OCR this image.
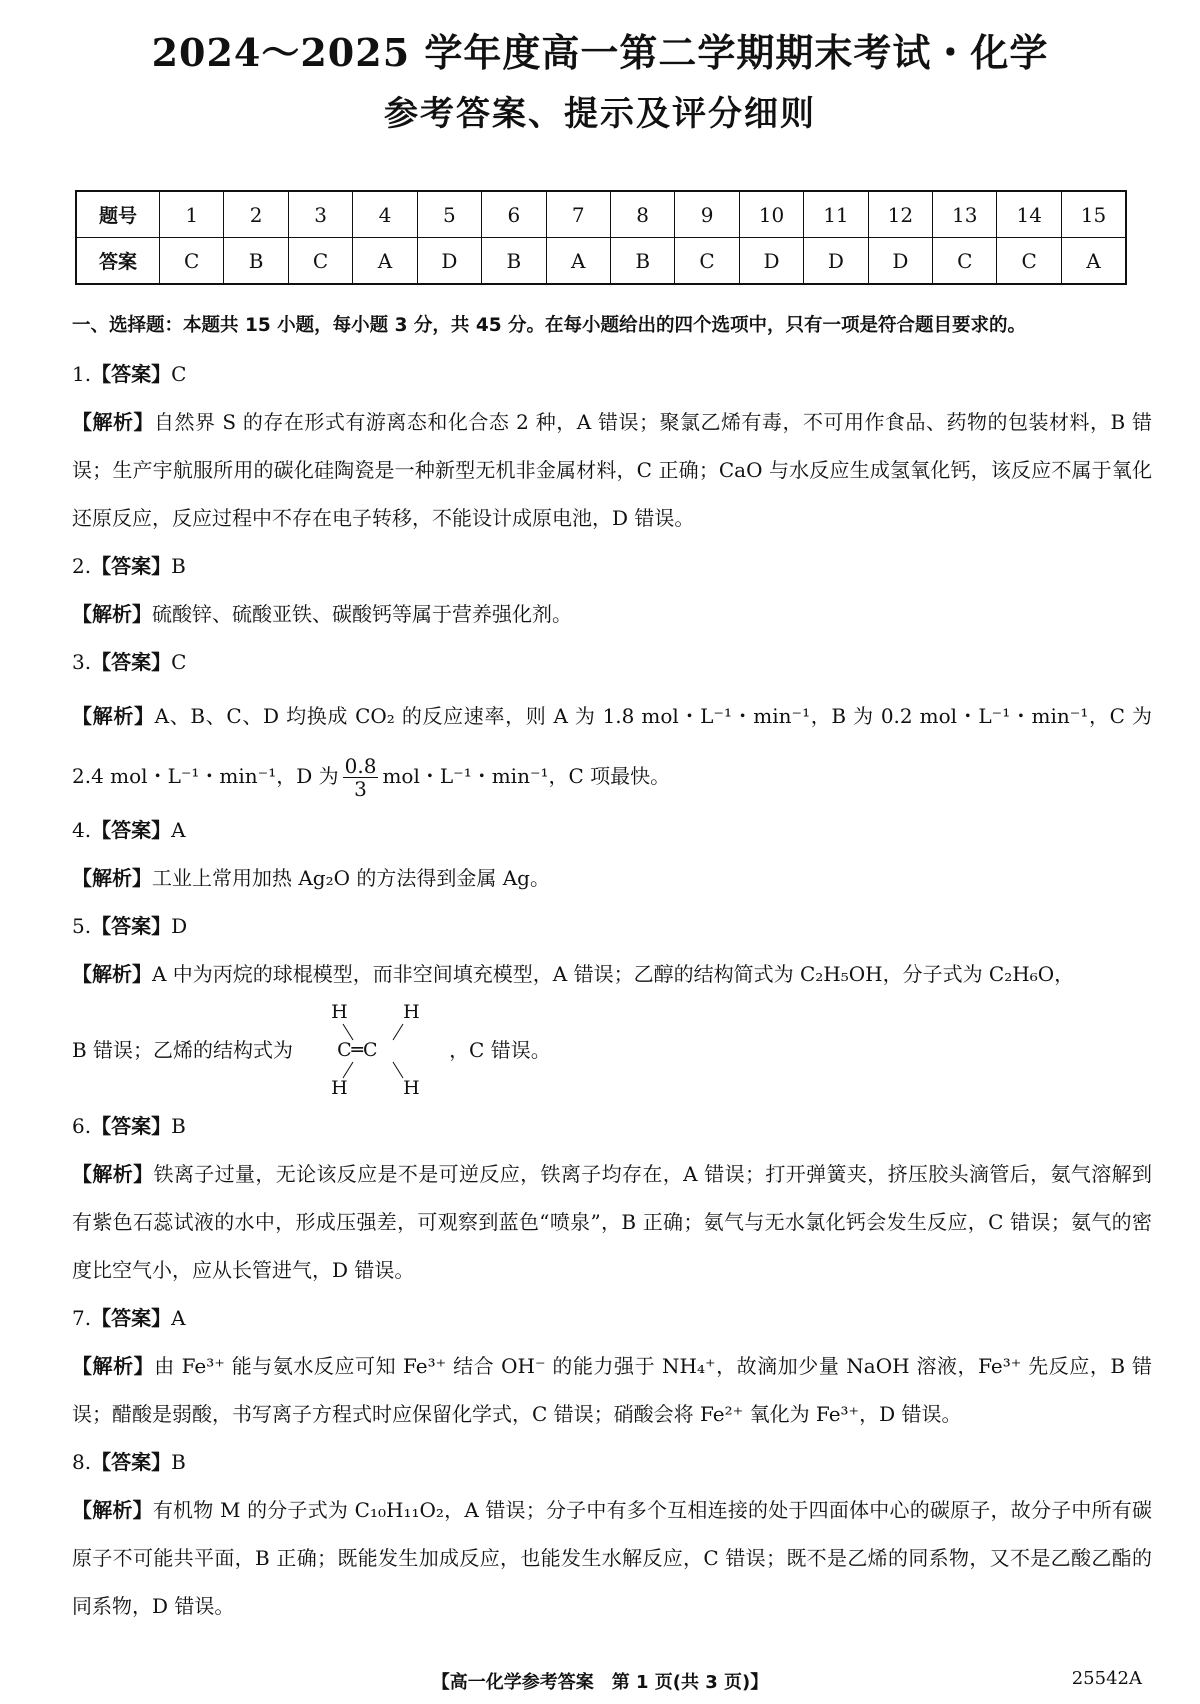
2024～2025 学年度高一第二学期期末考试・化学
参考答案、提示及评分细则
题号	1	2	3	4	5	6	7	8	9	10	11	12	13	14	15
答案	C	B	C	A	D	B	A	B	C	D	D	D	C	C	A
一、选择题：本题共 15 小题，每小题 3 分，共 45 分。在每小题给出的四个选项中，只有一项是符合题目要求的。
1.【答案】C
【解析】自然界 S 的存在形式有游离态和化合态 2 种，A 错误；聚氯乙烯有毒，不可用作食品、药物的包装材料，B 错误；生产宇航服所用的碳化硅陶瓷是一种新型无机非金属材料，C 正确；CaO 与水反应生成氢氧化钙，该反应不属于氧化还原反应，反应过程中不存在电子转移，不能设计成原电池，D 错误。
2.【答案】B
【解析】硫酸锌、硫酸亚铁、碳酸钙等属于营养强化剂。
3.【答案】C
【解析】A、B、C、D 均换成 CO₂ 的反应速率，则 A 为 1.8 mol・L⁻¹・min⁻¹，B 为 0.2 mol・L⁻¹・min⁻¹，C 为 2.4 mol・L⁻¹・min⁻¹，D 为 $\frac{0.8}{3}$ mol・L⁻¹・min⁻¹，C 项最快。
4.【答案】A
【解析】工业上常用加热 Ag₂O 的方法得到金属 Ag。
5.【答案】D
【解析】A 中为丙烷的球棍模型，而非空间填充模型，A 错误；乙醇的结构简式为 C₂H₅OH，分子式为 C₂H₆O，
B 错误；乙烯的结构式为
H	H
C═C
H	H
，C 错误。
6.【答案】B
【解析】铁离子过量，无论该反应是不是可逆反应，铁离子均存在，A 错误；打开弹簧夹，挤压胶头滴管后，氨气溶解到有紫色石蕊试液的水中，形成压强差，可观察到蓝色“喷泉”，B 正确；氨气与无水氯化钙会发生反应，C 错误；氨气的密度比空气小，应从长管进气，D 错误。
7.【答案】A
【解析】由 Fe³⁺ 能与氨水反应可知 Fe³⁺ 结合 OH⁻ 的能力强于 NH₄⁺，故滴加少量 NaOH 溶液，Fe³⁺ 先反应，B 错误；醋酸是弱酸，书写离子方程式时应保留化学式，C 错误；硝酸会将 Fe²⁺ 氧化为 Fe³⁺，D 错误。
8.【答案】B
【解析】有机物 M 的分子式为 C₁₀H₁₁O₂，A 错误；分子中有多个互相连接的处于四面体中心的碳原子，故分子中所有碳原子不可能共平面，B 正确；既能发生加成反应，也能发生水解反应，C 错误；既不是乙烯的同系物，又不是乙酸乙酯的同系物，D 错误。
【高一化学参考答案　第 1 页(共 3 页)】	25542A
